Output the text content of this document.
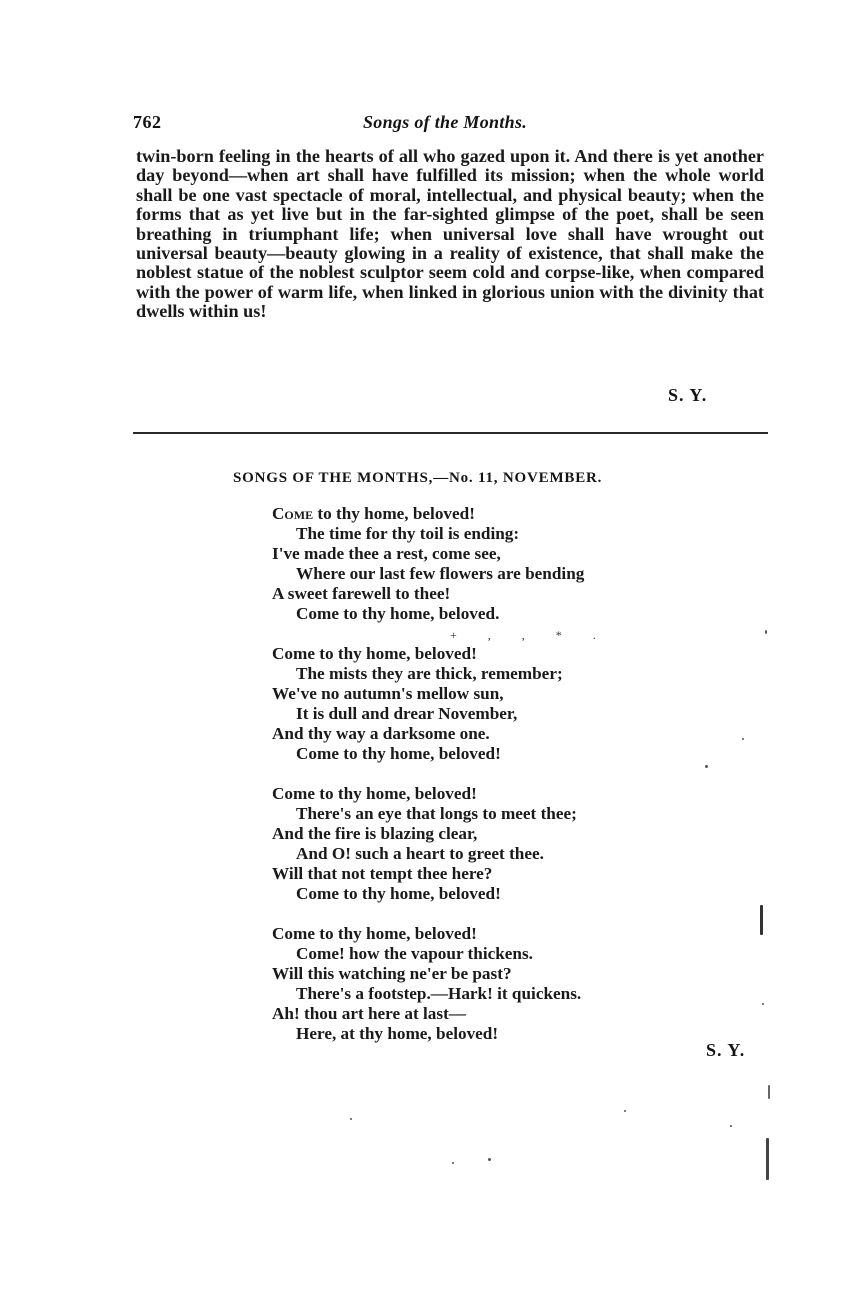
762	Songs of the Months.

twin-born feeling in the hearts of all who gazed upon it. And there is yet another day beyond—when art shall have fulfilled its mission; when the whole world shall be one vast spectacle of moral, intellectual, and physical beauty; when the forms that as yet live but in the far-sighted glimpse of the poet, shall be seen breathing in triumphant life; when universal love shall have wrought out universal beauty—beauty glowing in a reality of existence, that shall make the noblest statue of the noblest sculptor seem cold and corpse-like, when compared with the power of warm life, when linked in glorious union with the divinity that dwells within us!

S. Y.
SONGS OF THE MONTHS,—No. 11, NOVEMBER.
Come to thy home, beloved!
The time for thy toil is ending:
I've made thee a rest, come see,
Where our last few flowers are bending
A sweet farewell to thee!
Come to thy home, beloved.
Come to thy home, beloved!
The mists they are thick, remember;
We've no autumn's mellow sun,
It is dull and drear November,
And thy way a darksome one.
Come to thy home, beloved!
Come to thy home, beloved!
There's an eye that longs to meet thee;
And the fire is blazing clear,
And O! such a heart to greet thee.
Will that not tempt thee here?
Come to thy home, beloved!
Come to thy home, beloved!
Come! how the vapour thickens.
Will this watching ne'er be past?
There's a footstep.—Hark! it quickens.
Ah! thou art here at last—
Here, at thy home, beloved!
+ , , * .
S. Y.
